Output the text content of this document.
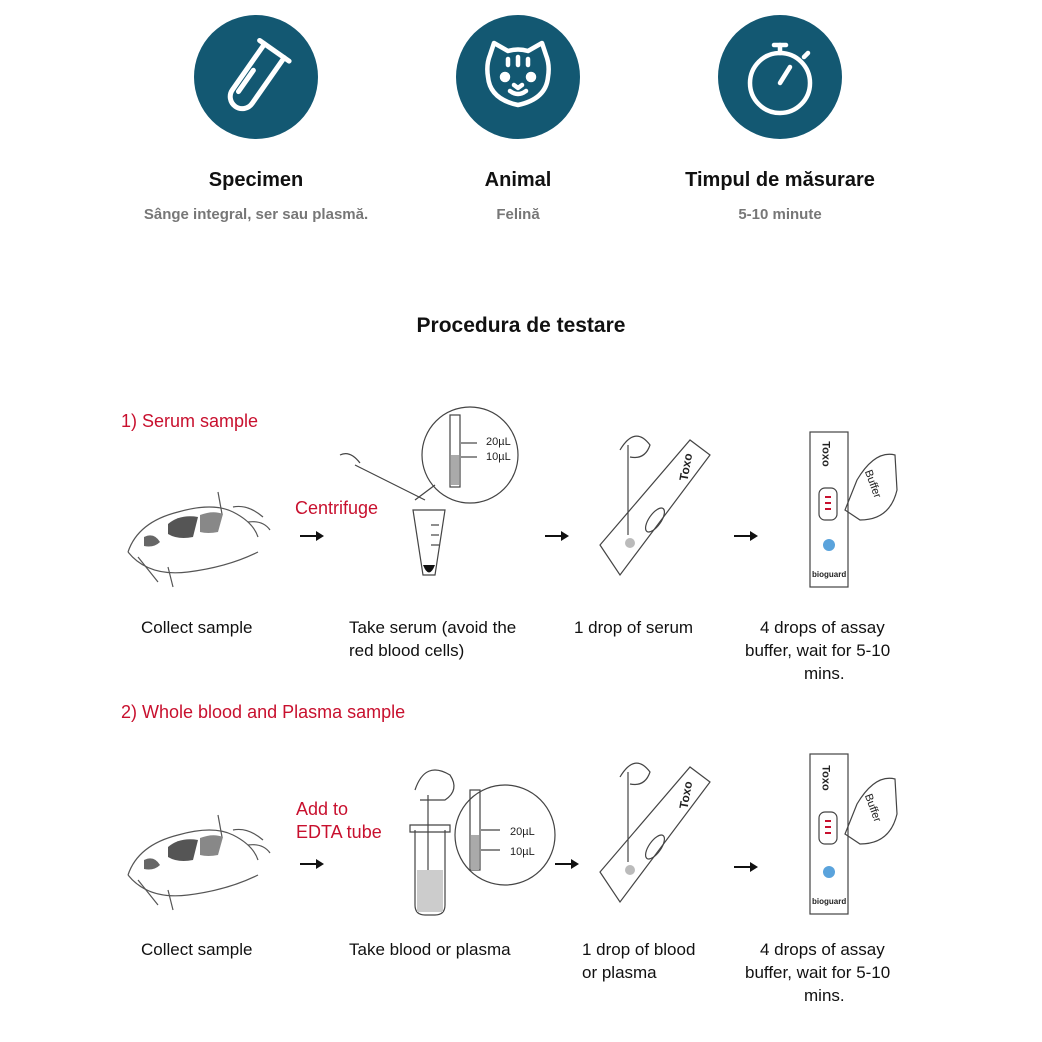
Specimen	Animal	Timpul de măsurare
Sânge integral, ser sau plasmă.	Felină	5-10 minute
Procedura de testare
1) Serum sample
Centrifuge
20µL
10µL	Toxo	Toxo
Buffer
bioguard
Collect sample	Take serum (avoid the
red blood cells)
1 drop of serum	4 drops of assay
buffer, wait for 5-10
mins.
2) Whole blood and Plasma sample
Add to
EDTA tube	20µL
10µL
Toxo
Toxo
Buffer
bioguard
Collect sample	Take blood or plasma	1 drop of blood
or plasma
4 drops of assay
buffer, wait for 5-10
mins.
